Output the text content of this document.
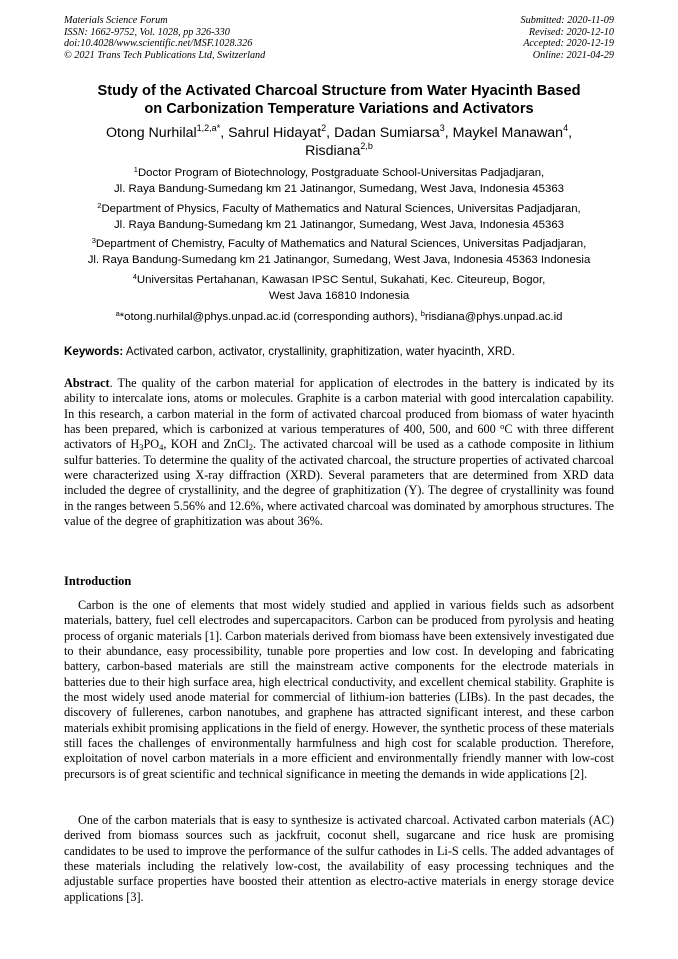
Materials Science Forum
ISSN: 1662-9752, Vol. 1028, pp 326-330
doi:10.4028/www.scientific.net/MSF.1028.326
© 2021 Trans Tech Publications Ltd, Switzerland
Submitted: 2020-11-09
Revised: 2020-12-10
Accepted: 2020-12-19
Online: 2021-04-29
Study of the Activated Charcoal Structure from Water Hyacinth Based
on Carbonization Temperature Variations and Activators
Otong Nurhilal$^{1,2,a*}$, Sahrul Hidayat$^2$, Dadan Sumiarsa$^3$, Maykel Manawan$^4$,
Risdiana$^{2,b}$
$^1$Doctor Program of Biotechnology, Postgraduate School-Universitas Padjadjaran,
Jl. Raya Bandung-Sumedang km 21 Jatinangor, Sumedang, West Java, Indonesia 45363
$^2$Department of Physics, Faculty of Mathematics and Natural Sciences, Universitas Padjadjaran,
Jl. Raya Bandung-Sumedang km 21 Jatinangor, Sumedang, West Java, Indonesia 45363
$^3$Department of Chemistry, Faculty of Mathematics and Natural Sciences, Universitas Padjadjaran,
Jl. Raya Bandung-Sumedang km 21 Jatinangor, Sumedang, West Java, Indonesia 45363 Indonesia
$^4$Universitas Pertahanan, Kawasan IPSC Sentul, Sukahati, Kec. Citeureup, Bogor,
West Java 16810 Indonesia
$^a$*otong.nurhilal@phys.unpad.ac.id (corresponding authors), $^b$risdiana@phys.unpad.ac.id
Keywords: Activated carbon, activator, crystallinity, graphitization, water hyacinth, XRD.
Abstract. The quality of the carbon material for application of electrodes in the battery is indicated by its ability to intercalate ions, atoms or molecules. Graphite is a carbon material with good intercalation capability. In this research, a carbon material in the form of activated charcoal produced from biomass of water hyacinth has been prepared, which is carbonized at various temperatures of 400, 500, and 600 $^o$C with three different activators of $H_3PO_4$, KOH and ZnCl$_2$. The activated charcoal will be used as a cathode composite in lithium sulfur batteries. To determine the quality of the activated charcoal, the structure properties of activated charcoal were characterized using X-ray diffraction (XRD). Several parameters that are determined from XRD data included the degree of crystallinity, and the degree of graphitization (Y). The degree of crystallinity was found in the ranges between 5.56% and 12.6%, where activated charcoal was dominated by amorphous structures. The value of the degree of graphitization was about 36%.
Introduction
Carbon is the one of elements that most widely studied and applied in various fields such as adsorbent materials, battery, fuel cell electrodes and supercapacitors. Carbon can be produced from pyrolysis and heating process of organic materials [1]. Carbon materials derived from biomass have been extensively investigated due to their abundance, easy processibility, tunable pore properties and low cost. In developing and fabricating battery, carbon-based materials are still the mainstream active components for the electrode materials in batteries due to their high surface area, high electrical conductivity, and excellent chemical stability. Graphite is the most widely used anode material for commercial of lithium-ion batteries (LIBs). In the past decades, the discovery of fullerenes, carbon nanotubes, and graphene has attracted significant interest, and these carbon materials exhibit promising applications in the field of energy. However, the synthetic process of these materials still faces the challenges of environmentally harmfulness and high cost for scalable production. Therefore, exploitation of novel carbon materials in a more efficient and environmentally friendly manner with low-cost precursors is of great scientific and technical significance in meeting the demands in wide applications [2].
One of the carbon materials that is easy to synthesize is activated charcoal. Activated carbon materials (AC) derived from biomass sources such as jackfruit, coconut shell, sugarcane and rice husk are promising candidates to be used to improve the performance of the sulfur cathodes in Li-S cells. The added advantages of these materials including the relatively low-cost, the availability of easy processing techniques and the adjustable surface properties have boosted their attention as electro-active materials in energy storage device applications [3].
